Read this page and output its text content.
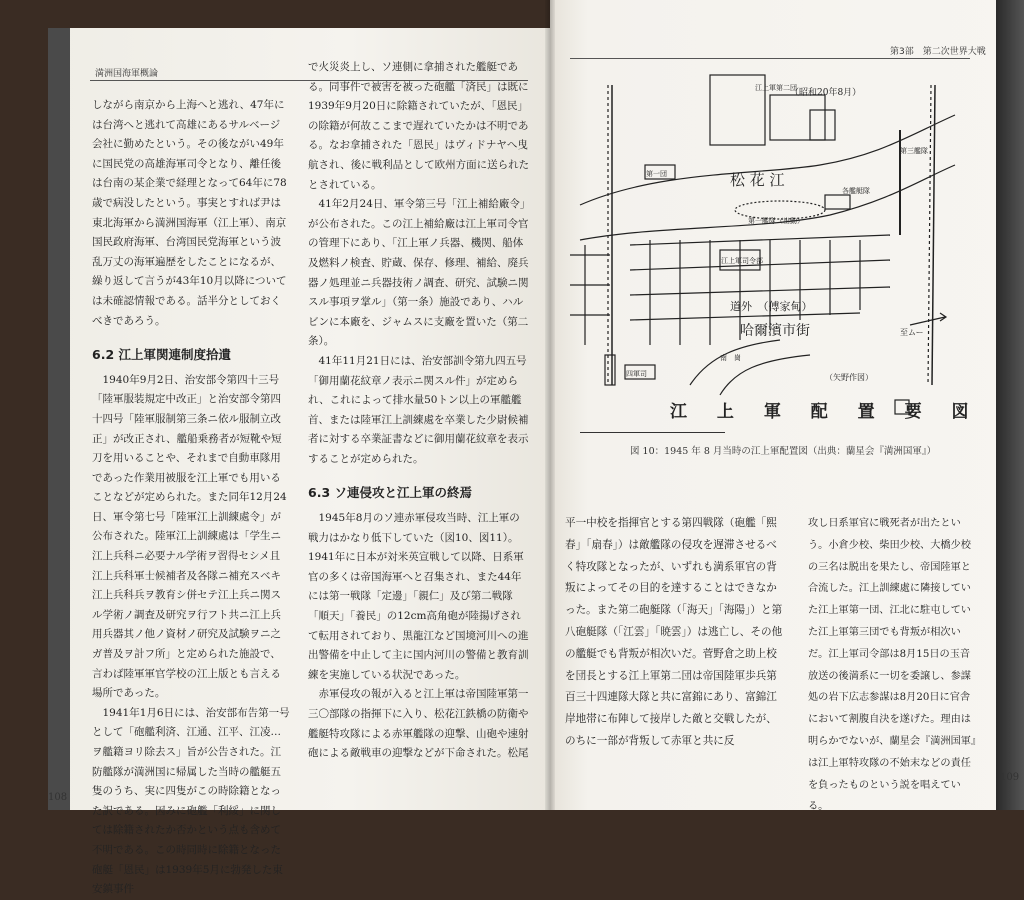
満洲国海軍概論

しながら南京から上海へと逃れ、47年には台湾へと逃れて高雄にあるサルベージ会社に勤めたという。その後ながい49年に国民党の高雄海軍司令となり、離任後は台南の某企業で経理となって64年に78歳で病没したという。事実とすれば尹は東北海軍から満洲国海軍（江上軍）、南京国民政府海軍、台湾国民党海軍という波乱万丈の海軍遍歴をしたことになるが、繰り返して言うが43年10月以降については未確認情報である。話半分としておくべきであろう。

6.2 江上軍関連制度拾遺

1940年9月2日、治安部令第四十三号「陸軍服装規定中改正」と治安部令第四十四号「陸軍服制第三条ニ依ル服制立改正」が改正され、艦船乗務者が短靴や短刀を用いることや、それまで自動車隊用であった作業用被服を江上軍でも用いることなどが定められた。また同年12月24日、軍令第七号「陸軍江上訓練處令」が公布された。陸軍江上訓練處は「学生ニ江上兵科ニ必要ナル学術ヲ習得セシメ且江上兵科軍士候補者及各隊ニ補充スベキ江上兵科兵ヲ教育シ併セテ江上兵ニ関スル学術ノ調査及研究ヲ行フト共ニ江上兵用兵器其ノ他ノ資材ノ研究及試験ヲニ之ガ普及ヲ計フ所」と定められた施設で、言わば陸軍軍官学校の江上版とも言える場所であった。

1941年1月6日には、治安部布告第一号として「砲艦利済、江通、江平、江凌…ヲ艦籍ヨリ除去ス」旨が公告された。江防艦隊が満洲国に帰属した当時の艦艇五隻のうち、実に四隻がこの時除籍となった訳である。因みに砲艦「利綏」に関しては除籍されたか否かという点も含めて不明である。この時同時に除籍となった砲艇「恩民」は1939年5月に勃発した東安鎮事件

で火災炎上し、ソ連側に拿捕された艦艇である。同事件で被害を被った砲艦「済民」は既に1939年9月20日に除籍されていたが、「恩民」の除籍が何故ここまで遅れていたかは不明である。なお拿捕された「恩民」はヴィドナヤへ曳航され、後に戦利品として欧州方面に送られたとされている。

41年2月24日、軍令第三号「江上補給廠令」が公布された。この江上補給廠は江上軍司令官の管理下にあり、「江上軍ノ兵器、機関、船体及燃料ノ検査、貯蔵、保存、修理、補給、廃兵器ノ処理並ニ兵器技術ノ調査、研究、試験ニ関スル事項ヲ掌ル」（第一条）施設であり、ハルビンに本廠を、ジャムスに支廠を置いた（第二条）。

41年11月21日には、治安部訓令第九四五号「御用蘭花紋章ノ表示ニ関スル件」が定められ、これによって排水量50トン以上の軍艦艦首、または陸軍江上訓練處を卒業した少尉候補者に対する卒業証書などに御用蘭花紋章を表示することが定められた。

6.3 ソ連侵攻と江上軍の終焉

1945年8月のソ連赤軍侵攻当時、江上軍の戦力はかなり低下していた（図10、図11）。1941年に日本が対米英宣戦して以降、日系軍官の多くは帝国海軍へと召集され、また44年には第一戦隊「定邊」「親仁」及び第二戦隊「順天」「養民」の12cm高角砲が陸揚げされて転用されており、黒龍江など国境河川への進出警備を中止して主に国内河川の警備と教育訓練を実施している状況であった。

赤軍侵攻の報が入ると江上軍は帝国陸軍第一三〇部隊の指揮下に入り、松花江鉄橋の防衛や艦艇特攻隊による赤軍艦隊の迎撃、山砲や速射砲による敵戦車の迎撃などが下命された。松尾

108
第3部　第二次世界大戦
松 花 江
（昭和20年8月）
道外　（傅家甸）
哈爾濱市街
（矢野作図）
江上軍第二団
第一団
第一艦隊（出動）
各艦艇隊
江上軍司令部
第三艦隊
南　崗
四軍司
至ムー
江 上 軍 配 置 要 図
図 10：1945 年 8 月当時の江上軍配置図（出典：蘭星会『満洲国軍』）

平一中校を指揮官とする第四戦隊（砲艦「熙春」「扇春」）は敵艦隊の侵攻を遅滞させるべく特攻隊となったが、いずれも満系軍官の背叛によってその目的を達することはできなかった。また第二砲艇隊（「海天」「海陽」）と第八砲艇隊（「江雲」「暁雲」）は逃亡し、その他の艦艇でも背叛が相次いだ。菅野倉之助上校を団長とする江上軍第二団は帝国陸軍歩兵第百三十四連隊大隊と共に富錦にあり、富錦江岸地帯に布陣して接岸した敵と交戦したが、のちに一部が背叛して赤軍と共に反

攻し日系軍官に戦死者が出たという。小倉少校、柴田少校、大橋少校の三名は脱出を果たし、帝国陸軍と合流した。江上訓練處に隣接していた江上軍第一団、江北に駐屯していた江上軍第三団でも背叛が相次いだ。江上軍司令部は8月15日の玉音放送の後満系に一切を委譲し、参謀処の岩下広志参謀は8月20日に官舎において割腹自決を遂げた。理由は明らかでないが、蘭星会『満洲国軍』は江上軍特攻隊の不始末などの責任を負ったものという説を唱えている。

109
